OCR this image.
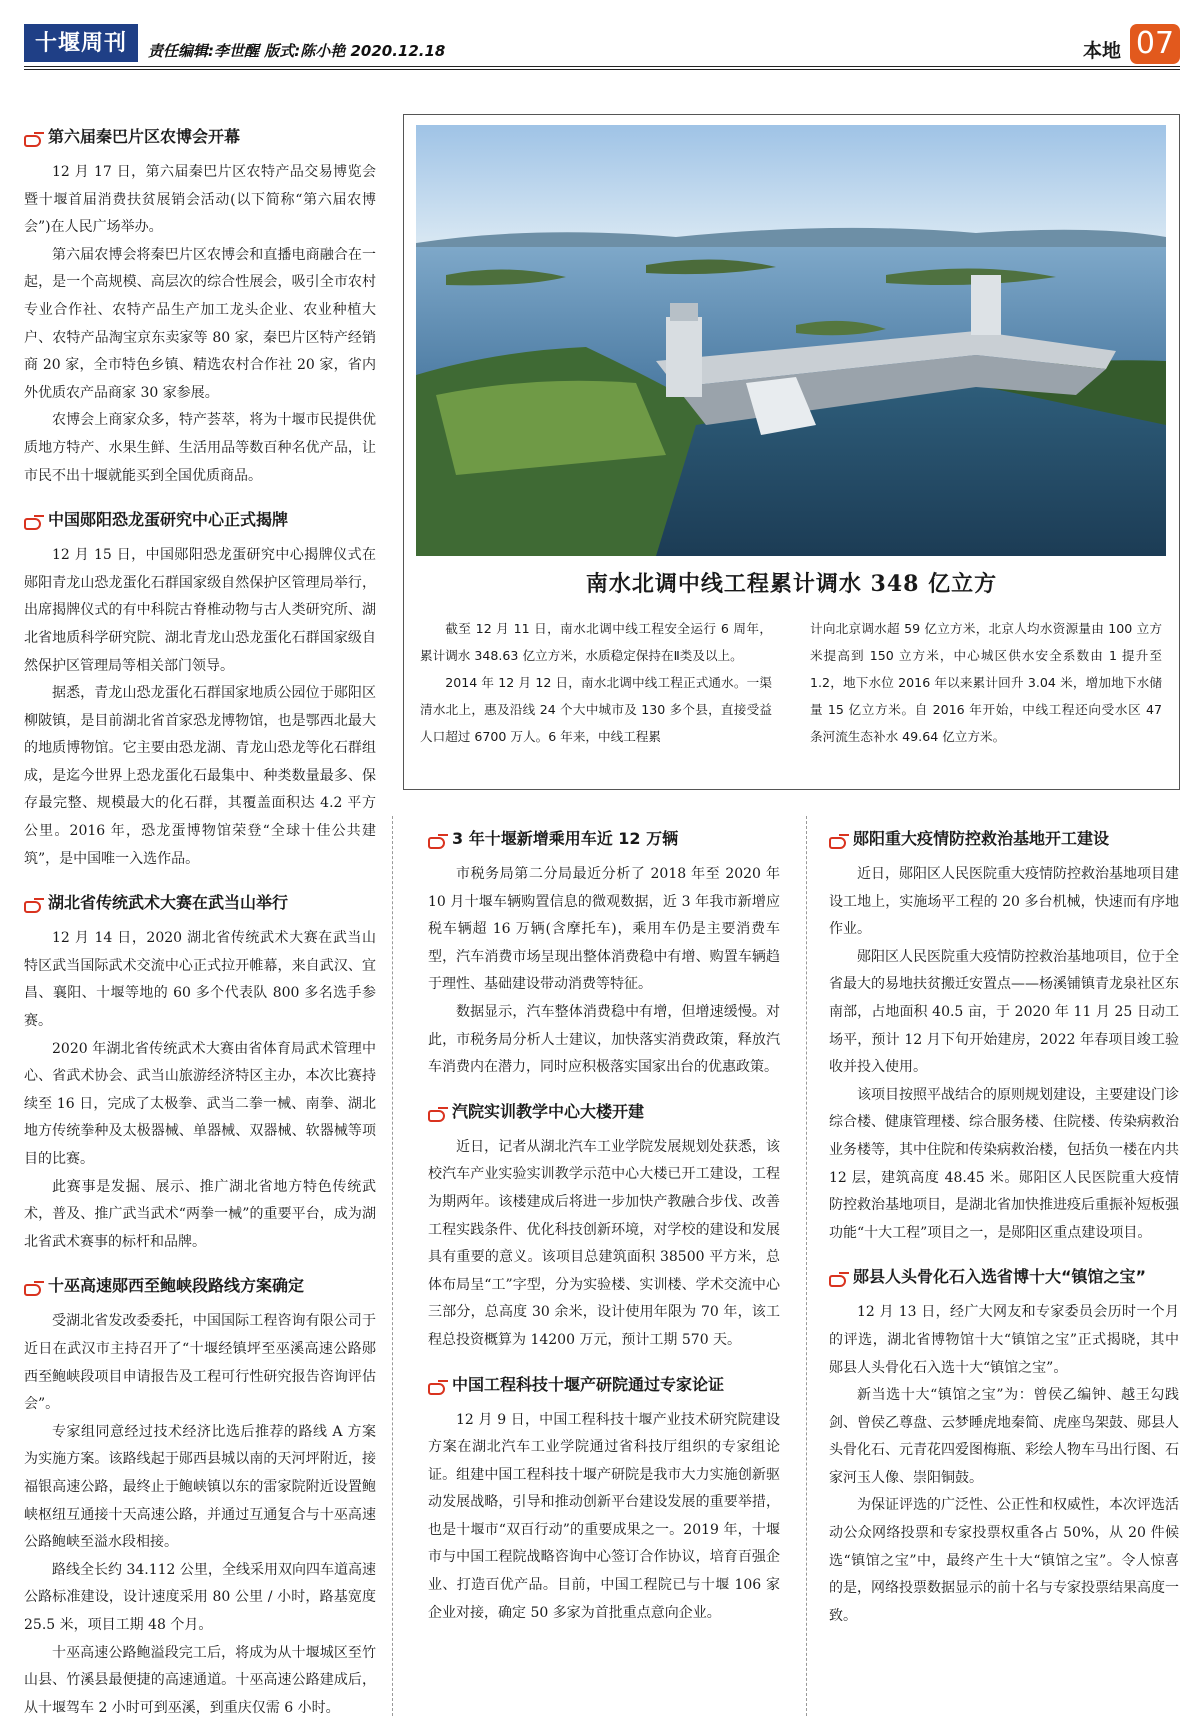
十堰周刊	责任编辑:李世醒 版式:陈小艳 2020.12.18	本地 07
第六届秦巴片区农博会开幕

12 月 17 日，第六届秦巴片区农特产品交易博览会暨十堰首届消费扶贫展销会活动(以下简称“第六届农博会”)在人民广场举办。

第六届农博会将秦巴片区农博会和直播电商融合在一起，是一个高规模、高层次的综合性展会，吸引全市农村专业合作社、农特产品生产加工龙头企业、农业种植大户、农特产品淘宝京东卖家等 80 家，秦巴片区特产经销商 20 家，全市特色乡镇、精选农村合作社 20 家，省内外优质农产品商家 30 家参展。

农博会上商家众多，特产荟萃，将为十堰市民提供优质地方特产、水果生鲜、生活用品等数百种名优产品，让市民不出十堰就能买到全国优质商品。

中国郧阳恐龙蛋研究中心正式揭牌

12 月 15 日，中国郧阳恐龙蛋研究中心揭牌仪式在郧阳青龙山恐龙蛋化石群国家级自然保护区管理局举行，出席揭牌仪式的有中科院古脊椎动物与古人类研究所、湖北省地质科学研究院、湖北青龙山恐龙蛋化石群国家级自然保护区管理局等相关部门领导。

据悉，青龙山恐龙蛋化石群国家地质公园位于郧阳区柳陂镇，是目前湖北省首家恐龙博物馆，也是鄂西北最大的地质博物馆。它主要由恐龙湖、青龙山恐龙等化石群组成，是迄今世界上恐龙蛋化石最集中、种类数量最多、保存最完整、规模最大的化石群，其覆盖面积达 4.2 平方公里。2016 年，恐龙蛋博物馆荣登“全球十佳公共建筑”，是中国唯一入选作品。

湖北省传统武术大赛在武当山举行

12 月 14 日，2020 湖北省传统武术大赛在武当山特区武当国际武术交流中心正式拉开帷幕，来自武汉、宜昌、襄阳、十堰等地的 60 多个代表队 800 多名选手参赛。

2020 年湖北省传统武术大赛由省体育局武术管理中心、省武术协会、武当山旅游经济特区主办，本次比赛持续至 16 日，完成了太极拳、武当二拳一械、南拳、湖北地方传统拳种及太极器械、单器械、双器械、软器械等项目的比赛。

此赛事是发掘、展示、推广湖北省地方特色传统武术，普及、推广武当武术“两拳一械”的重要平台，成为湖北省武术赛事的标杆和品牌。

十巫高速郧西至鲍峡段路线方案确定

受湖北省发改委委托，中国国际工程咨询有限公司于近日在武汉市主持召开了“十堰经镇坪至巫溪高速公路郧西至鲍峡段项目申请报告及工程可行性研究报告咨询评估会”。

专家组同意经过技术经济比选后推荐的路线 A 方案为实施方案。该路线起于郧西县城以南的天河坪附近，接福银高速公路，最终止于鲍峡镇以东的雷家院附近设置鲍峡枢纽互通接十天高速公路，并通过互通复合与十巫高速公路鲍峡至溢水段相接。

路线全长约 34.112 公里，全线采用双向四车道高速公路标准建设，设计速度采用 80 公里 / 小时，路基宽度 25.5 米，项目工期 48 个月。

十巫高速公路鲍溢段完工后，将成为从十堰城区至竹山县、竹溪县最便捷的高速通道。十巫高速公路建成后，从十堰驾车 2 小时可到巫溪，到重庆仅需 6 小时。

南水北调中线工程累计调水 348 亿立方

截至 12 月 11 日，南水北调中线工程安全运行 6 周年，累计调水 348.63 亿立方米，水质稳定保持在Ⅱ类及以上。

2014 年 12 月 12 日，南水北调中线工程正式通水。一渠清水北上，惠及沿线 24 个大中城市及 130 多个县，直接受益人口超过 6700 万人。6 年来，中线工程累

计向北京调水超 59 亿立方米，北京人均水资源量由 100 立方米提高到 150 立方米，中心城区供水安全系数由 1 提升至 1.2，地下水位 2016 年以来累计回升 3.04 米，增加地下水储量 15 亿立方米。自 2016 年开始，中线工程还向受水区 47 条河流生态补水 49.64 亿立方米。

3 年十堰新增乘用车近 12 万辆

市税务局第二分局最近分析了 2018 年至 2020 年 10 月十堰车辆购置信息的微观数据，近 3 年我市新增应税车辆超 16 万辆(含摩托车)，乘用车仍是主要消费车型，汽车消费市场呈现出整体消费稳中有增、购置车辆趋于理性、基础建设带动消费等特征。

数据显示，汽车整体消费稳中有增，但增速缓慢。对此，市税务局分析人士建议，加快落实消费政策，释放汽车消费内在潜力，同时应积极落实国家出台的优惠政策。

汽院实训教学中心大楼开建

近日，记者从湖北汽车工业学院发展规划处获悉，该校汽车产业实验实训教学示范中心大楼已开工建设，工程为期两年。该楼建成后将进一步加快产教融合步伐、改善工程实践条件、优化科技创新环境，对学校的建设和发展具有重要的意义。该项目总建筑面积 38500 平方米，总体布局呈“工”字型，分为实验楼、实训楼、学术交流中心三部分，总高度 30 余米，设计使用年限为 70 年，该工程总投资概算为 14200 万元，预计工期 570 天。

中国工程科技十堰产研院通过专家论证

12 月 9 日，中国工程科技十堰产业技术研究院建设方案在湖北汽车工业学院通过省科技厅组织的专家组论证。组建中国工程科技十堰产研院是我市大力实施创新驱动发展战略，引导和推动创新平台建设发展的重要举措，也是十堰市“双百行动”的重要成果之一。2019 年，十堰市与中国工程院战略咨询中心签订合作协议，培育百强企业、打造百优产品。目前，中国工程院已与十堰 106 家企业对接，确定 50 多家为首批重点意向企业。

郧阳重大疫情防控救治基地开工建设

近日，郧阳区人民医院重大疫情防控救治基地项目建设工地上，实施场平工程的 20 多台机械，快速而有序地作业。

郧阳区人民医院重大疫情防控救治基地项目，位于全省最大的易地扶贫搬迁安置点——杨溪铺镇青龙泉社区东南部，占地面积 40.5 亩，于 2020 年 11 月 25 日动工场平，预计 12 月下旬开始建房，2022 年春项目竣工验收并投入使用。

该项目按照平战结合的原则规划建设，主要建设门诊综合楼、健康管理楼、综合服务楼、住院楼、传染病救治业务楼等，其中住院和传染病救治楼，包括负一楼在内共 12 层，建筑高度 48.45 米。郧阳区人民医院重大疫情防控救治基地项目，是湖北省加快推进疫后重振补短板强功能“十大工程”项目之一，是郧阳区重点建设项目。

郧县人头骨化石入选省博十大“镇馆之宝”

12 月 13 日，经广大网友和专家委员会历时一个月的评选，湖北省博物馆十大“镇馆之宝”正式揭晓，其中郧县人头骨化石入选十大“镇馆之宝”。

新当选十大“镇馆之宝”为：曾侯乙编钟、越王勾践剑、曾侯乙尊盘、云梦睡虎地秦简、虎座鸟架鼓、郧县人头骨化石、元青花四爱图梅瓶、彩绘人物车马出行图、石家河玉人像、崇阳铜鼓。

为保证评选的广泛性、公正性和权威性，本次评选活动公众网络投票和专家投票权重各占 50%，从 20 件候选“镇馆之宝”中，最终产生十大“镇馆之宝”。令人惊喜的是，网络投票数据显示的前十名与专家投票结果高度一致。
